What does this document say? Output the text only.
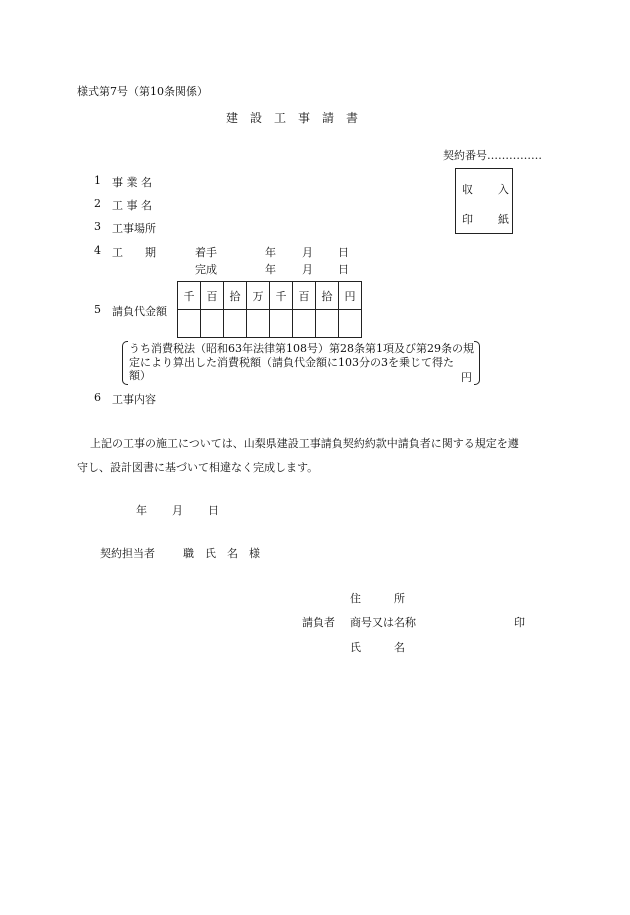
様式第7号（第10条関係）
建　設　工　事　請　書
契約番号……………
収 入
印 紙
1 事 業 名
2 工 事 名
3 工事場所
4 工　　期	着手	年 月 日
完成	年 月 日
5 請負代金額
千	百	拾	万	千	百	拾	円

うち消費税法（昭和63年法律第108号）第28条第1項及び第29条の規
定により算出した消費税額（請負代金額に103分の3を乗じて得た
額）	円
6 工事内容
上記の工事の施工については、山梨県建設工事請負契約約款中請負者に関する規定を遵
守し、設計図書に基づいて相違なく完成します。
年 月 日
契約担当者	職　氏　名　様
住　　　所
請負者 商号又は名称	印
氏　　　名
